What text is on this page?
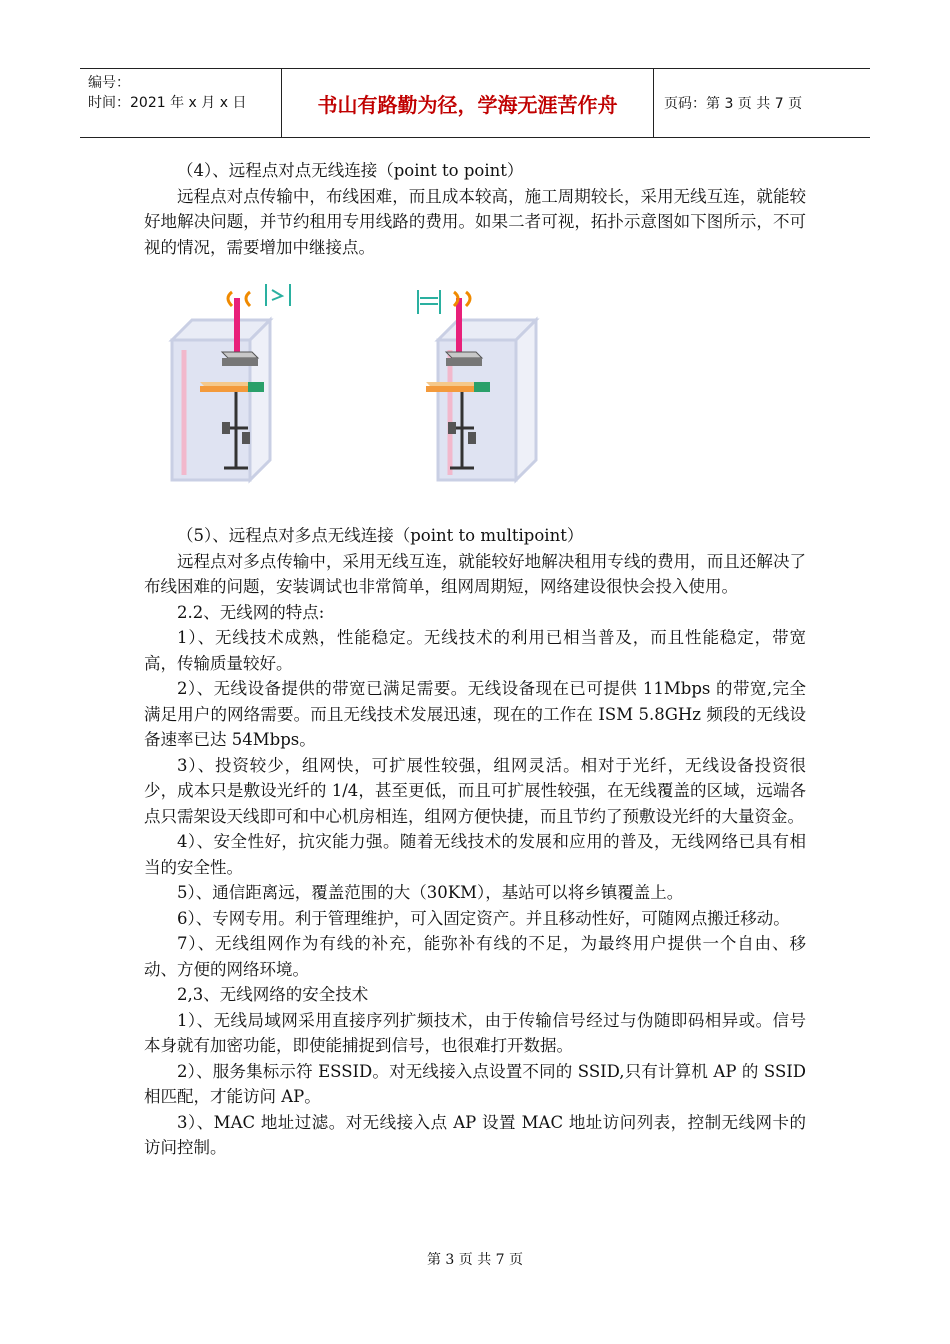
编号：
时间：2021 年 x 月 x 日	书山有路勤为径，学海无涯苦作舟	页码：第 3 页 共 7 页

（4）、远程点对点无线连接（point to point）

远程点对点传输中，布线困难，而且成本较高，施工周期较长，采用无线互连，就能较好地解决问题，并节约租用专用线路的费用。如果二者可视，拓扑示意图如下图所示，不可视的情况，需要增加中继接点。

（5）、远程点对多点无线连接（point to multipoint）

远程点对多点传输中，采用无线互连，就能较好地解决租用专线的费用，而且还解决了布线困难的问题，安装调试也非常简单，组网周期短，网络建设很快会投入使用。

2.2、无线网的特点:

1）、无线技术成熟，性能稳定。无线技术的利用已相当普及，而且性能稳定，带宽高，传输质量较好。

2）、无线设备提供的带宽已满足需要。无线设备现在已可提供 11Mbps 的带宽,完全满足用户的网络需要。而且无线技术发展迅速，现在的工作在 ISM 5.8GHz 频段的无线设备速率已达 54Mbps。

3）、投资较少，组网快，可扩展性较强，组网灵活。相对于光纤，无线设备投资很少，成本只是敷设光纤的 1/4，甚至更低，而且可扩展性较强，在无线覆盖的区域，远端各点只需架设天线即可和中心机房相连，组网方便快捷，而且节约了预敷设光纤的大量资金。

4）、安全性好，抗灾能力强。随着无线技术的发展和应用的普及，无线网络已具有相当的安全性。

5）、通信距离远，覆盖范围的大（30KM），基站可以将乡镇覆盖上。

6）、专网专用。利于管理维护，可入固定资产。并且移动性好，可随网点搬迁移动。

7）、无线组网作为有线的补充，能弥补有线的不足，为最终用户提供一个自由、移动、方便的网络环境。

2,3、无线网络的安全技术

1）、无线局域网采用直接序列扩频技术，由于传输信号经过与伪随即码相异或。信号本身就有加密功能，即使能捕捉到信号，也很难打开数据。

2）、服务集标示符 ESSID。对无线接入点设置不同的 SSID,只有计算机 AP 的 SSID 相匹配，才能访问 AP。

3）、MAC 地址过滤。对无线接入点 AP 设置 MAC 地址访问列表，控制无线网卡的访问控制。

第 3 页 共 7 页
